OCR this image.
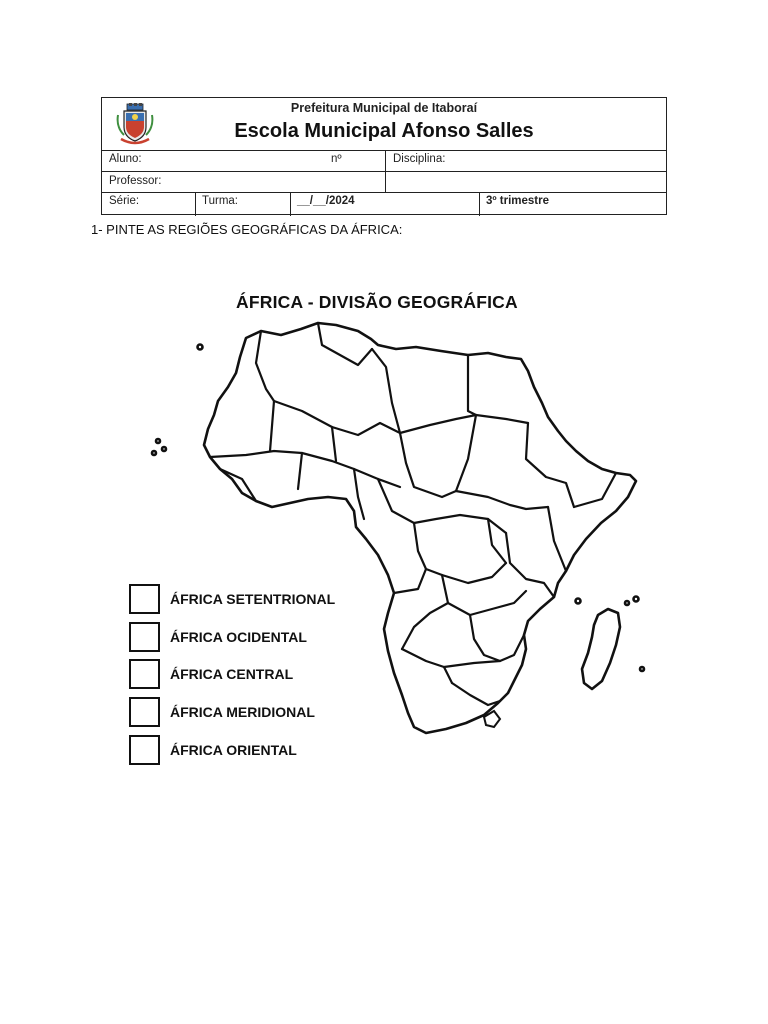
Prefeitura Municipal de Itaboraí
Escola Municipal Afonso Salles
Aluno:	nº	Disciplina:
Professor:
Série:	Turma:	__/__/2024	3º trimestre
1- PINTE AS REGIÕES GEOGRÁFICAS DA ÁFRICA:
ÁFRICA - DIVISÃO GEOGRÁFICA
ÁFRICA SETENTRIONAL
ÁFRICA OCIDENTAL
ÁFRICA CENTRAL
ÁFRICA MERIDIONAL
ÁFRICA ORIENTAL
